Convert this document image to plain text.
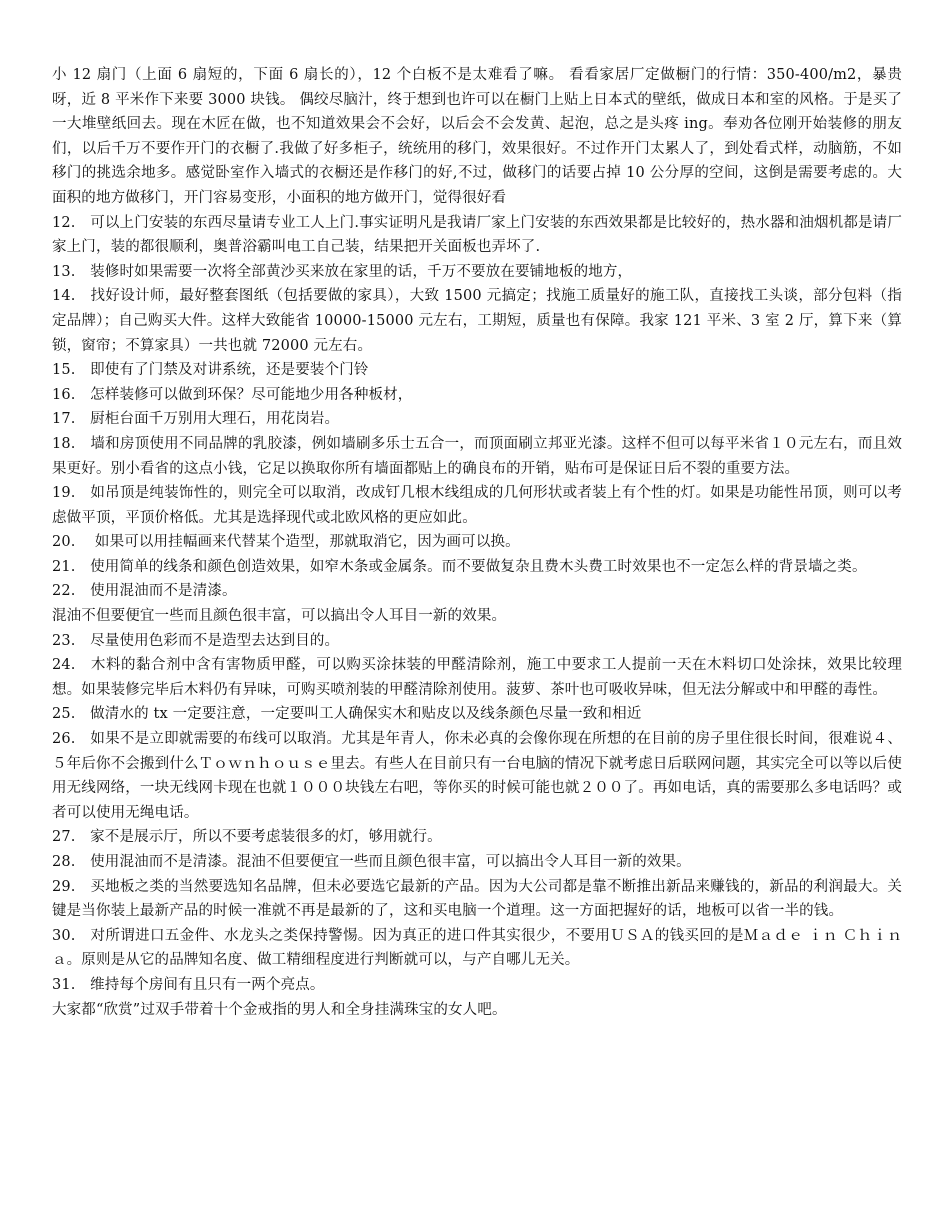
小 12 扇门（上面 6 扇短的，下面 6 扇长的），12 个白板不是太难看了嘛。 看看家居厂定做橱门的行情：350-400/m2，暴贵呀，近 8 平米作下来要 3000 块钱。 偶绞尽脑汁，终于想到也许可以在橱门上贴上日本式的壁纸，做成日本和室的风格。于是买了一大堆壁纸回去。现在木匠在做，也不知道效果会不会好，以后会不会发黄、起泡，总之是头疼 ing。奉劝各位刚开始装修的朋友们，以后千万不要作开门的衣橱了.我做了好多柜子，统统用的移门，效果很好。不过作开门太累人了，到处看式样，动脑筋，不如移门的挑选余地多。感觉卧室作入墙式的衣橱还是作移门的好,不过，做移门的话要占掉 10 公分厚的空间，这倒是需要考虑的。大面积的地方做移门，开门容易变形，小面积的地方做开门，觉得很好看

12.　可以上门安装的东西尽量请专业工人上门.事实证明凡是我请厂家上门安装的东西效果都是比较好的，热水器和油烟机都是请厂家上门，装的都很顺利，奥普浴霸叫电工自己装，结果把开关面板也弄坏了.

13.　装修时如果需要一次将全部黄沙买来放在家里的话，千万不要放在要铺地板的地方，

14.　找好设计师，最好整套图纸（包括要做的家具），大致 1500 元搞定；找施工质量好的施工队，直接找工头谈，部分包料（指定品牌）；自己购买大件。这样大致能省 10000-15000 元左右，工期短，质量也有保障。我家 121 平米、3 室 2 厅，算下来（算锁，窗帘；不算家具）一共也就 72000 元左右。

15.　即使有了门禁及对讲系统，还是要装个门铃

16.　怎样装修可以做到环保？尽可能地少用各种板材，

17.　厨柜台面千万别用大理石，用花岗岩。

18.　墙和房顶使用不同品牌的乳胶漆，例如墙刷多乐士五合一，而顶面刷立邦亚光漆。这样不但可以每平米省１０元左右，而且效果更好。别小看省的这点小钱，它足以换取你所有墙面都贴上的确良布的开销，贴布可是保证日后不裂的重要方法。

19.　如吊顶是纯装饰性的，则完全可以取消，改成钉几根木线组成的几何形状或者装上有个性的灯。如果是功能性吊顶，则可以考虑做平顶，平顶价格低。尤其是选择现代或北欧风格的更应如此。

20.　 如果可以用挂幅画来代替某个造型，那就取消它，因为画可以换。

21.　使用简单的线条和颜色创造效果，如窄木条或金属条。而不要做复杂且费木头费工时效果也不一定怎么样的背景墙之类。

22.　使用混油而不是清漆。

混油不但要便宜一些而且颜色很丰富，可以搞出令人耳目一新的效果。

23.　尽量使用色彩而不是造型去达到目的。

24.　木料的黏合剂中含有害物质甲醛，可以购买涂抹装的甲醛清除剂，施工中要求工人提前一天在木料切口处涂抹，效果比较理想。如果装修完毕后木料仍有异味，可购买喷剂装的甲醛清除剂使用。菠萝、茶叶也可吸收异味，但无法分解或中和甲醛的毒性。

25.　做清水的 tx 一定要注意，一定要叫工人确保实木和贴皮以及线条颜色尽量一致和相近

26.　如果不是立即就需要的布线可以取消。尤其是年青人，你未必真的会像你现在所想的在目前的房子里住很长时间，很难说４、５年后你不会搬到什么Ｔｏｗｎｈｏｕｓｅ里去。有些人在目前只有一台电脑的情况下就考虑日后联网问题，其实完全可以等以后使用无线网络，一块无线网卡现在也就１０００块钱左右吧，等你买的时候可能也就２００了。再如电话，真的需要那么多电话吗？或者可以使用无绳电话。

27.　家不是展示厅，所以不要考虑装很多的灯，够用就行。

28.　使用混油而不是清漆。混油不但要便宜一些而且颜色很丰富，可以搞出令人耳目一新的效果。

29.　买地板之类的当然要选知名品牌，但未必要选它最新的产品。因为大公司都是靠不断推出新品来赚钱的，新品的利润最大。关键是当你装上最新产品的时候一准就不再是最新的了，这和买电脑一个道理。这一方面把握好的话，地板可以省一半的钱。

30.　对所谓进口五金件、水龙头之类保持警惕。因为真正的进口件其实很少，不要用ＵＳＡ的钱买回的是Ｍａｄｅ ｉｎ Ｃｈｉｎａ。原则是从它的品牌知名度、做工精细程度进行判断就可以，与产自哪儿无关。

31.　维持每个房间有且只有一两个亮点。

大家都“欣赏”过双手带着十个金戒指的男人和全身挂满珠宝的女人吧。
